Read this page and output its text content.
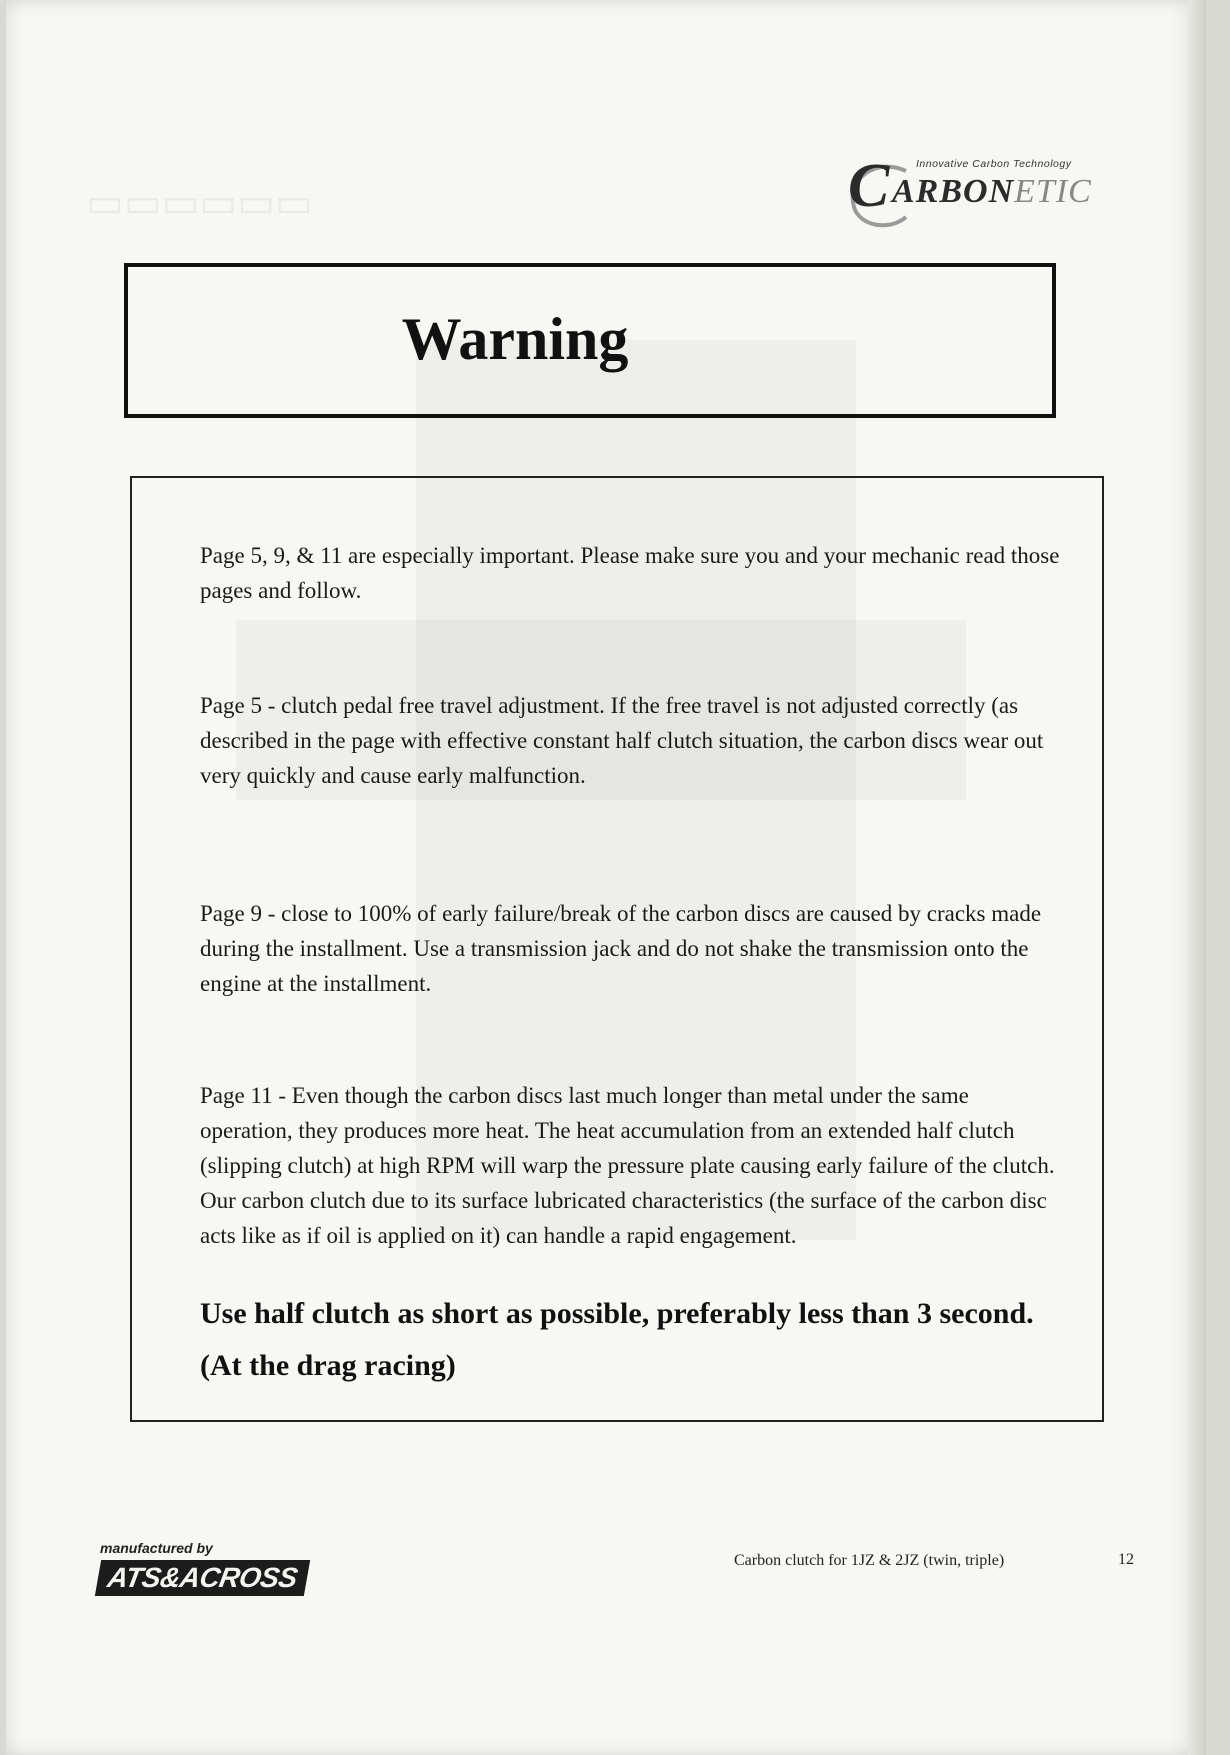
▭▭▭▭▭▭
Innovative Carbon Technology
C ARBONETIC
Warning
Page 5, 9, & 11 are especially important. Please make sure you and your mechanic read those pages and follow.
Page 5 - clutch pedal free travel adjustment. If the free travel is not adjusted correctly (as described in the page with effective constant half clutch situation, the carbon discs wear out very quickly and cause early malfunction.
Page 9 - close to 100% of early failure/break of the carbon discs are caused by cracks made during the installment. Use a transmission jack and do not shake the transmission onto the engine at the installment.
Page 11 - Even though the carbon discs last much longer than metal under the same operation, they produces more heat. The heat accumulation from an extended half clutch (slipping clutch) at high RPM will warp the pressure plate causing early failure of the clutch. Our carbon clutch due to its surface lubricated characteristics (the surface of the carbon disc acts like as if oil is applied on it) can handle a rapid engagement.
Use half clutch as short as possible, preferably less than 3 second. (At the drag racing)
manufactured by
ATS&ACROSS
Carbon clutch for 1JZ & 2JZ (twin, triple)	12
